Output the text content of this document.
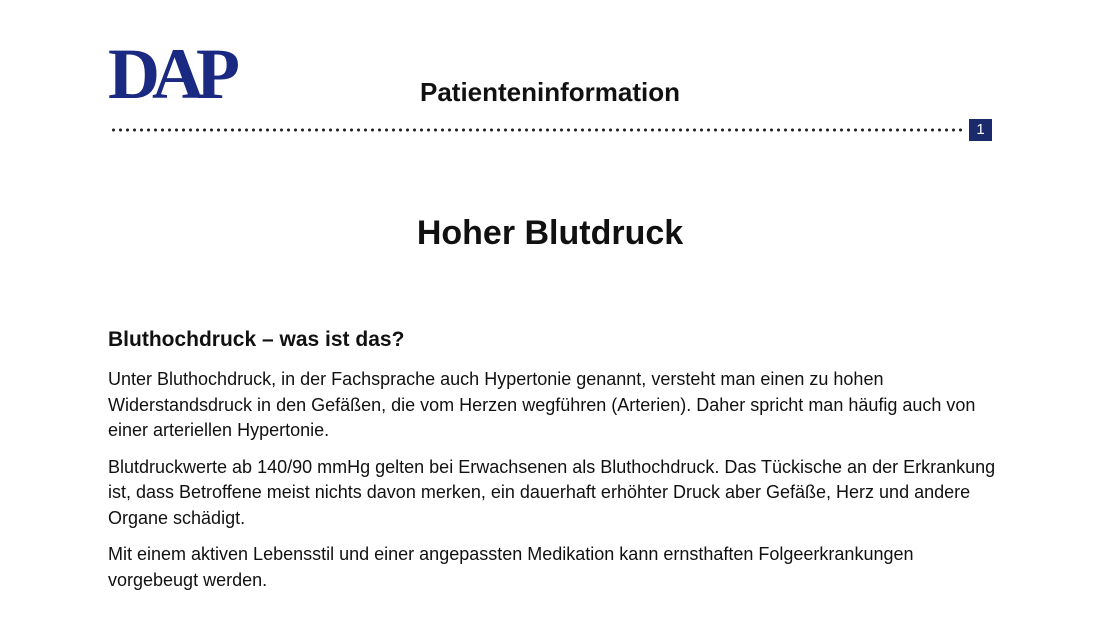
DAP	Patienteninformation
1
Hoher Blutdruck
Bluthochdruck – was ist das?

Unter Bluthochdruck, in der Fachsprache auch Hypertonie genannt, versteht man einen zu hohen Widerstandsdruck in den Gefäßen, die vom Herzen wegführen (Arterien). Daher spricht man häufig auch von einer arteriellen Hypertonie.

Blutdruckwerte ab 140/90 mmHg gelten bei Erwachsenen als Bluthochdruck. Das Tückische an der Erkrankung ist, dass Betroffene meist nichts davon merken, ein dauerhaft erhöhter Druck aber Gefäße, Herz und andere Organe schädigt.

Mit einem aktiven Lebensstil und einer angepassten Medikation kann ernsthaften Folgeerkrankungen vorgebeugt werden.
